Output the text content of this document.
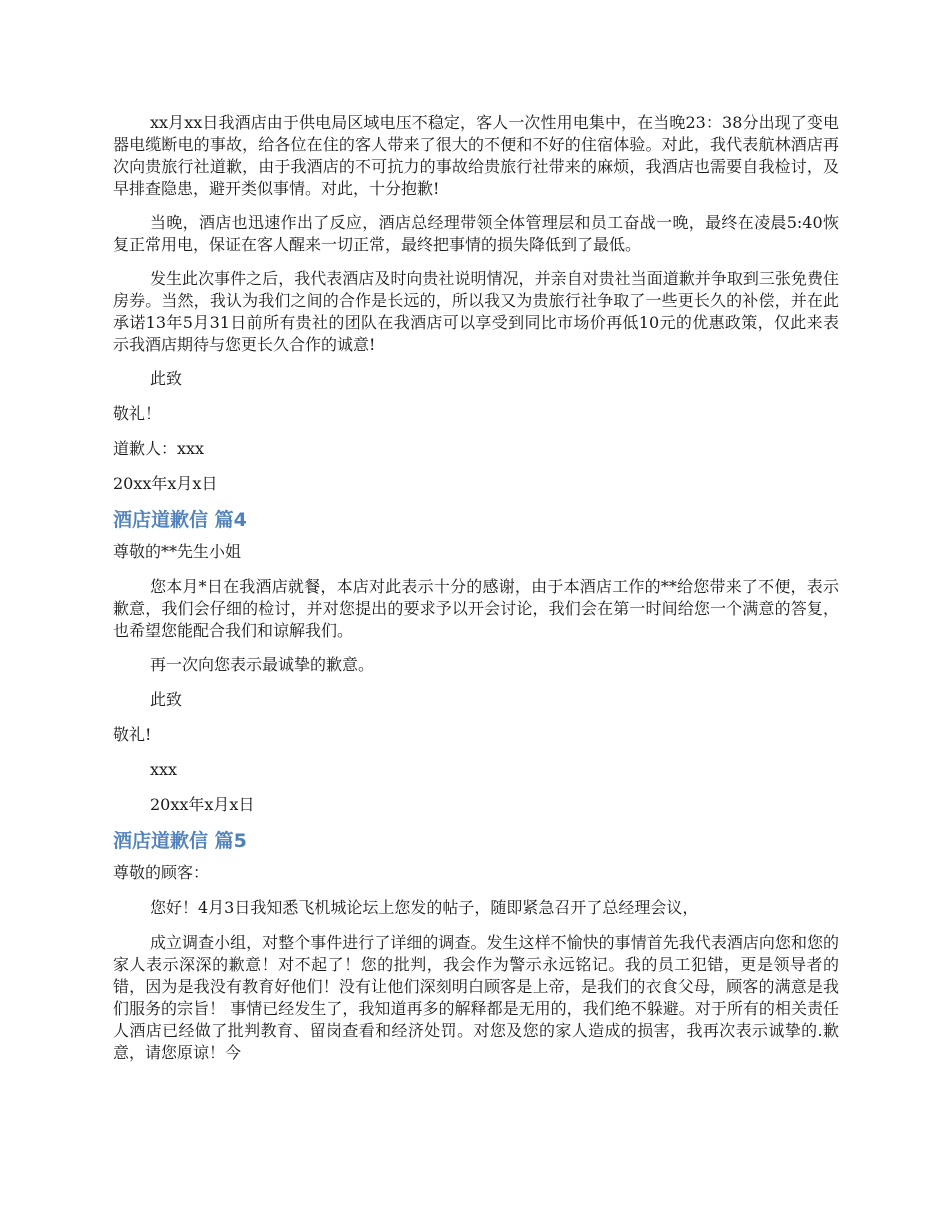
xx月xx日我酒店由于供电局区域电压不稳定，客人一次性用电集中，在当晚23：38分出现了变电器电缆断电的事故，给各位在住的客人带来了很大的不便和不好的住宿体验。对此，我代表航林酒店再次向贵旅行社道歉，由于我酒店的不可抗力的事故给贵旅行社带来的麻烦，我酒店也需要自我检讨，及早排查隐患，避开类似事情。对此，十分抱歉!

当晚，酒店也迅速作出了反应，酒店总经理带领全体管理层和员工奋战一晚，最终在凌晨5:40恢复正常用电，保证在客人醒来一切正常，最终把事情的损失降低到了最低。

发生此次事件之后，我代表酒店及时向贵社说明情况，并亲自对贵社当面道歉并争取到三张免费住房券。当然，我认为我们之间的合作是长远的，所以我又为贵旅行社争取了一些更长久的补偿，并在此承诺13年5月31日前所有贵社的团队在我酒店可以享受到同比市场价再低10元的优惠政策，仅此来表示我酒店期待与您更长久合作的诚意!

此致

敬礼！

道歉人：xxx

20xx年x月x日

酒店道歉信 篇4

尊敬的**先生小姐

您本月*日在我酒店就餐，本店对此表示十分的感谢，由于本酒店工作的**给您带来了不便，表示歉意，我们会仔细的检讨，并对您提出的要求予以开会讨论，我们会在第一时间给您一个满意的答复，也希望您能配合我们和谅解我们。

再一次向您表示最诚挚的歉意。

此致

敬礼!

xxx

20xx年x月x日

酒店道歉信 篇5

尊敬的顾客：

您好！4月3日我知悉飞机城论坛上您发的帖子，随即紧急召开了总经理会议，

成立调查小组，对整个事件进行了详细的调查。发生这样不愉快的事情首先我代表酒店向您和您的家人表示深深的歉意！对不起了！您的批判，我会作为警示永远铭记。我的员工犯错，更是领导者的错，因为是我没有教育好他们！没有让他们深刻明白顾客是上帝，是我们的衣食父母，顾客的满意是我们服务的宗旨！ 事情已经发生了，我知道再多的解释都是无用的，我们绝不躲避。对于所有的相关责任人酒店已经做了批判教育、留岗查看和经济处罚。对您及您的家人造成的损害，我再次表示诚挚的.歉意，请您原谅！今
